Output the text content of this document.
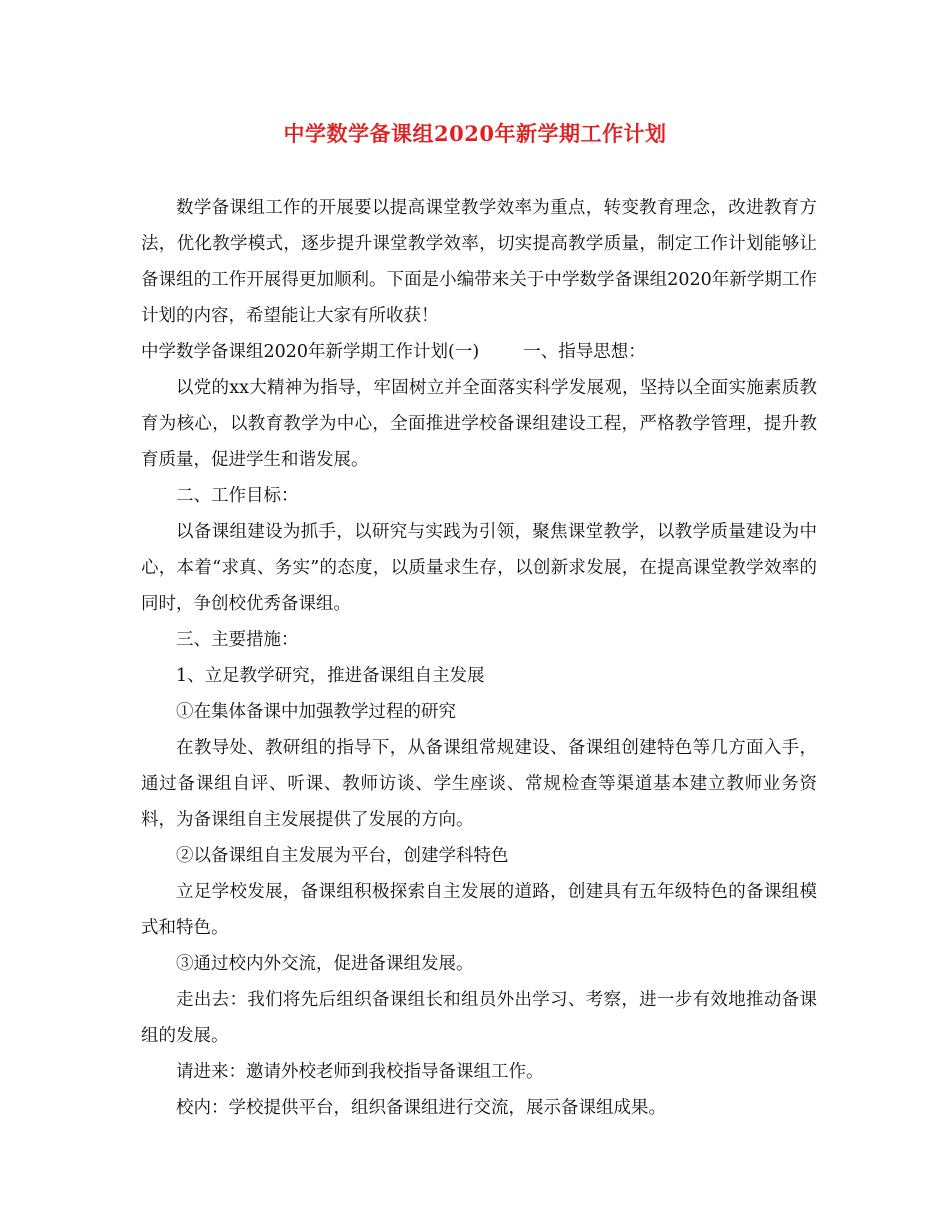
中学数学备课组2020年新学期工作计划

数学备课组工作的开展要以提高课堂教学效率为重点，转变教育理念，改进教育方法，优化教学模式，逐步提升课堂教学效率，切实提高教学质量，制定工作计划能够让备课组的工作开展得更加顺利。下面是小编带来关于中学数学备课组2020年新学期工作计划的内容，希望能让大家有所收获！

中学数学备课组2020年新学期工作计划(一)	一、指导思想：

以党的xx大精神为指导，牢固树立并全面落实科学发展观，坚持以全面实施素质教育为核心，以教育教学为中心，全面推进学校备课组建设工程，严格教学管理，提升教育质量，促进学生和谐发展。

二、工作目标：

以备课组建设为抓手，以研究与实践为引领，聚焦课堂教学，以教学质量建设为中心，本着“求真、务实”的态度，以质量求生存，以创新求发展，在提高课堂教学效率的同时，争创校优秀备课组。

三、主要措施：

1、立足教学研究，推进备课组自主发展

①在集体备课中加强教学过程的研究

在教导处、教研组的指导下，从备课组常规建设、备课组创建特色等几方面入手，通过备课组自评、听课、教师访谈、学生座谈、常规检查等渠道基本建立教师业务资料，为备课组自主发展提供了发展的方向。

②以备课组自主发展为平台，创建学科特色

立足学校发展，备课组积极探索自主发展的道路，创建具有五年级特色的备课组模式和特色。

③通过校内外交流，促进备课组发展。

走出去：我们将先后组织备课组长和组员外出学习、考察，进一步有效地推动备课组的发展。

请进来：邀请外校老师到我校指导备课组工作。

校内：学校提供平台，组织备课组进行交流，展示备课组成果。
